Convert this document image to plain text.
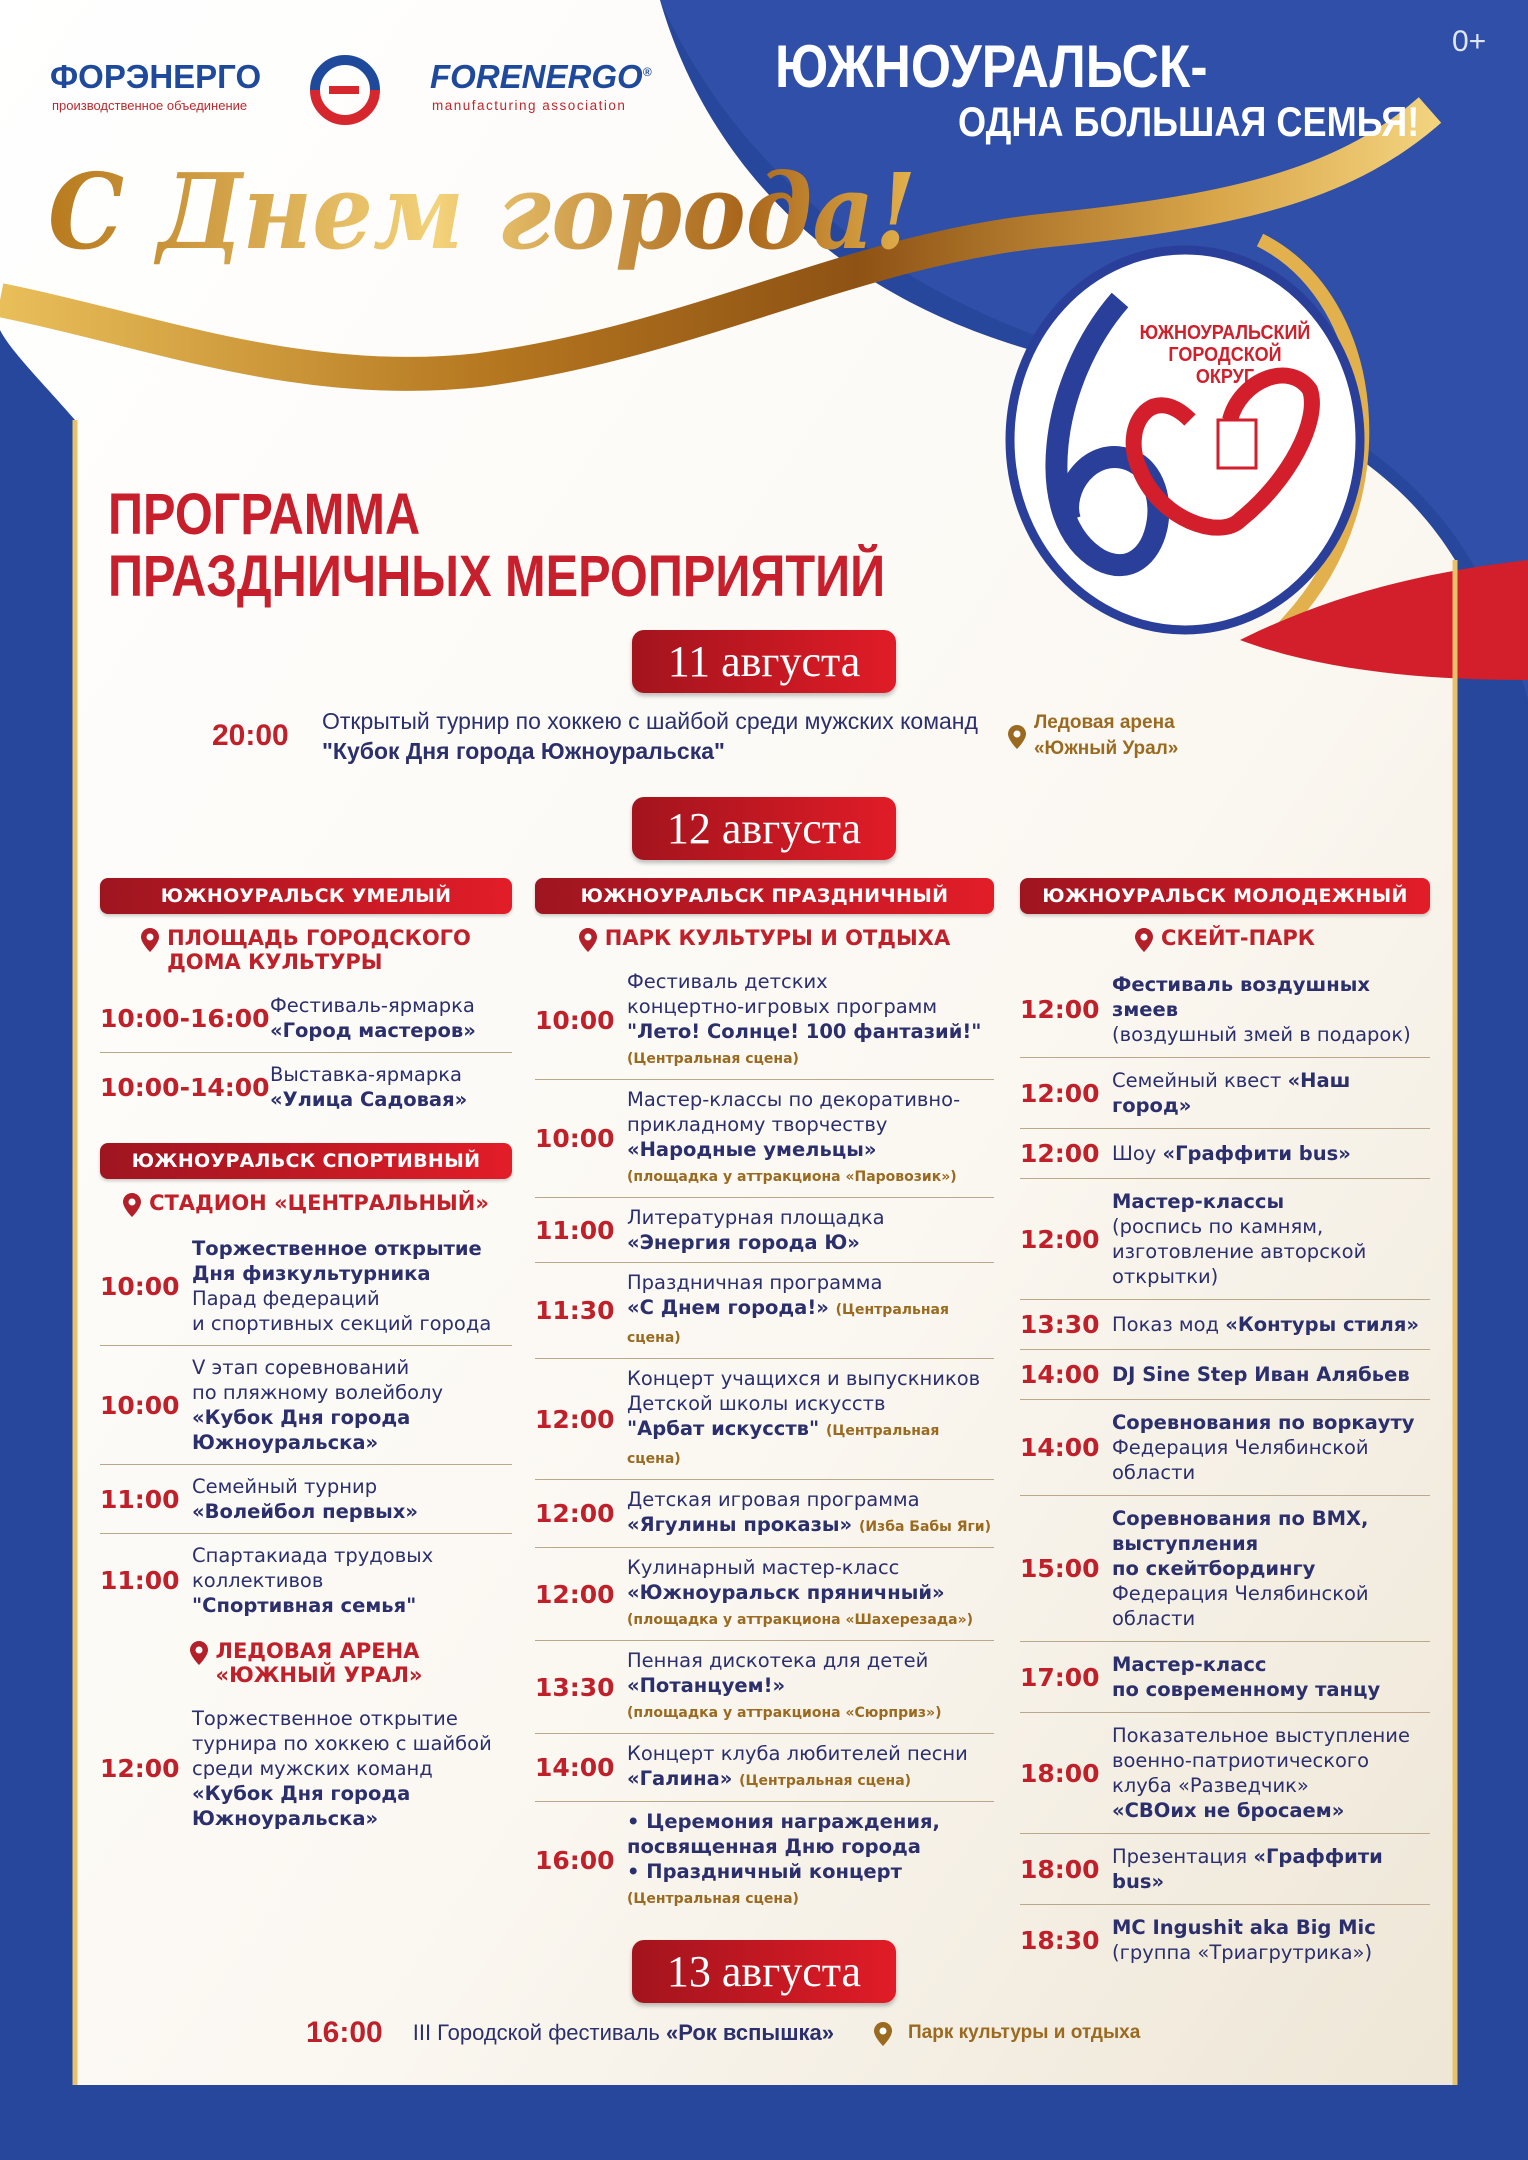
ФОРЭНЕРГО
производственное объединение
FORENERGO®
manufacturing association
ЮЖНОУРАЛЬСК-
ОДНА БОЛЬШАЯ СЕМЬЯ!
0+
С Днем города!
ЮЖНОУРАЛЬСКИЙ
ГОРОДСКОЙ ОКРУГ
ПРОГРАММА
ПРАЗДНИЧНЫХ МЕРОПРИЯТИЙ
11 августа
20:00	Открытый турнир по хоккею с шайбой среди мужских команд
"Кубок Дня города Южноуральска"
Ледовая арена
«Южный Урал»
12 августа
ЮЖНОУРАЛЬСК УМЕЛЫЙ
ПЛОЩАДЬ ГОРОДСКОГО
ДОМА КУЛЬТУРЫ
10:00-16:00 Фестиваль-ярмарка
«Город мастеров»
10:00-14:00 Выставка-ярмарка
«Улица Садовая»
ЮЖНОУРАЛЬСК СПОРТИВНЫЙ
СТАДИОН «ЦЕНТРАЛЬНЫЙ»
10:00
Торжественное открытие
Дня физкультурника
Парад федераций
и спортивных секций города
10:00
V этап соревнований
по пляжному волейболу
«Кубок Дня города
Южноуральска»
11:00 Семейный турнир
«Волейбол первых»
11:00
Спартакиада трудовых
коллективов
"Спортивная семья"
ЛЕДОВАЯ АРЕНА
«ЮЖНЫЙ УРАЛ»
12:00
Торжественное открытие
турнира по хоккею с шайбой
среди мужских команд
«Кубок Дня города
Южноуральска»
ЮЖНОУРАЛЬСК ПРАЗДНИЧНЫЙ
ПАРК КУЛЬТУРЫ И ОТДЫХА
10:00
Фестиваль детских
концертно-игровых программ
"Лето! Солнце! 100 фантазий!"
(Центральная сцена)
10:00
Мастер-классы по декоративно-
прикладному творчеству
«Народные умельцы»
(площадка у аттракциона «Паровозик»)
11:00 Литературная площадка
«Энергия города Ю»
11:30
Праздничная программа
«С Днем города!» (Центральная сцена)
12:00
Концерт учащихся и выпускников
Детской школы искусств
"Арбат искусств" (Центральная сцена)
12:00 Детская игровая программа
«Ягулины проказы» (Изба Бабы Яги)
12:00
Кулинарный мастер-класс
«Южноуральск пряничный»
(площадка у аттракциона «Шахерезада»)
13:30
Пенная дискотека для детей
«Потанцуем!»
(площадка у аттракциона «Сюрприз»)
14:00 Концерт клуба любителей песни
«Галина» (Центральная сцена)
16:00
• Церемония награждения,
посвященная Дню города
• Праздничный концерт
(Центральная сцена)
ЮЖНОУРАЛЬСК МОЛОДЕЖНЫЙ
СКЕЙТ-ПАРК
12:00
Фестиваль воздушных змеев
(воздушный змей в подарок)
12:00 Семейный квест «Наш город»
12:00 Шоу «Граффити bus»
12:00
Мастер-классы
(роспись по камням,
изготовление авторской
открытки)
13:30 Показ мод «Контуры стиля»
14:00 DJ Sine Step Иван Алябьев
14:00
Соревнования по воркауту
Федерация Челябинской
области
15:00
Соревнования по BMX,
выступления
по скейтбордингу
Федерация Челябинской
области
17:00 Мастер-класс
по современному танцу
18:00
Показательное выступление
военно-патриотического
клуба «Разведчик»
«СВОих не бросаем»
18:00 Презентация «Граффити bus»
18:30 MC Ingushit aka Big Mic
(группа «Триагрутрика»)
13 августа
16:00 III Городской фестиваль «Рок вспышка»	Парк культуры и отдыха
